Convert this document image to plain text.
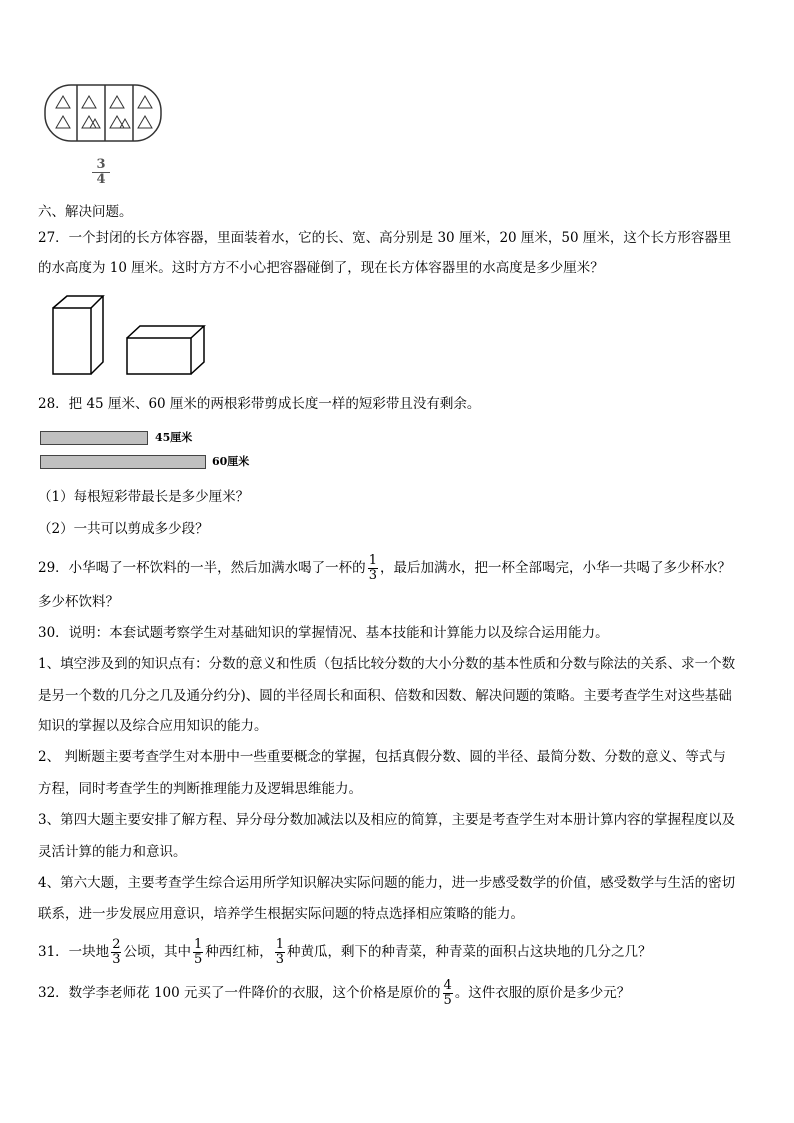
$\frac{3}{4}$
六、解决问题。
27．一个封闭的长方体容器，里面装着水，它的长、宽、高分别是 30 厘米，20 厘米，50 厘米，这个长方形容器里
的水高度为 10 厘米。这时方方不小心把容器碰倒了，现在长方体容器里的水高度是多少厘米？
28．把 45 厘米、60 厘米的两根彩带剪成长度一样的短彩带且没有剩余。
45厘米
60厘米
（1）每根短彩带最长是多少厘米？
（2）一共可以剪成多少段？
29．小华喝了一杯饮料的一半，然后加满水喝了一杯的 $\frac{1}{3}$ ，最后加满水，把一杯全部喝完，小华一共喝了多少杯水？
多少杯饮料？
30．说明：本套试题考察学生对基础知识的掌握情况、基本技能和计算能力以及综合运用能力。
1、填空涉及到的知识点有：分数的意义和性质（包括比较分数的大小分数的基本性质和分数与除法的关系、求一个数
是另一个数的几分之几及通分约分)、圆的半径周长和面积、倍数和因数、解决问题的策略。主要考查学生对这些基础
知识的掌握以及综合应用知识的能力。
2、 判断题主要考查学生对本册中一些重要概念的掌握，包括真假分数、圆的半径、最简分数、分数的意义、等式与
方程，同时考查学生的判断推理能力及逻辑思维能力。
3、第四大题主要安排了解方程、异分母分数加减法以及相应的简算，主要是考查学生对本册计算内容的掌握程度以及
灵活计算的能力和意识。
4、第六大题，主要考查学生综合运用所学知识解决实际问题的能力，进一步感受数学的价值，感受数学与生活的密切
联系，进一步发展应用意识，培养学生根据实际问题的特点选择相应策略的能力。
31．一块地 $\frac{2}{3}$ 公顷，其中 $\frac{1}{5}$ 种西红柿， $\frac{1}{3}$ 种黄瓜，剩下的种青菜，种青菜的面积占这块地的几分之几？
32．数学李老师花 100 元买了一件降价的衣服，这个价格是原价的 $\frac{4}{5}$ 。这件衣服的原价是多少元？
